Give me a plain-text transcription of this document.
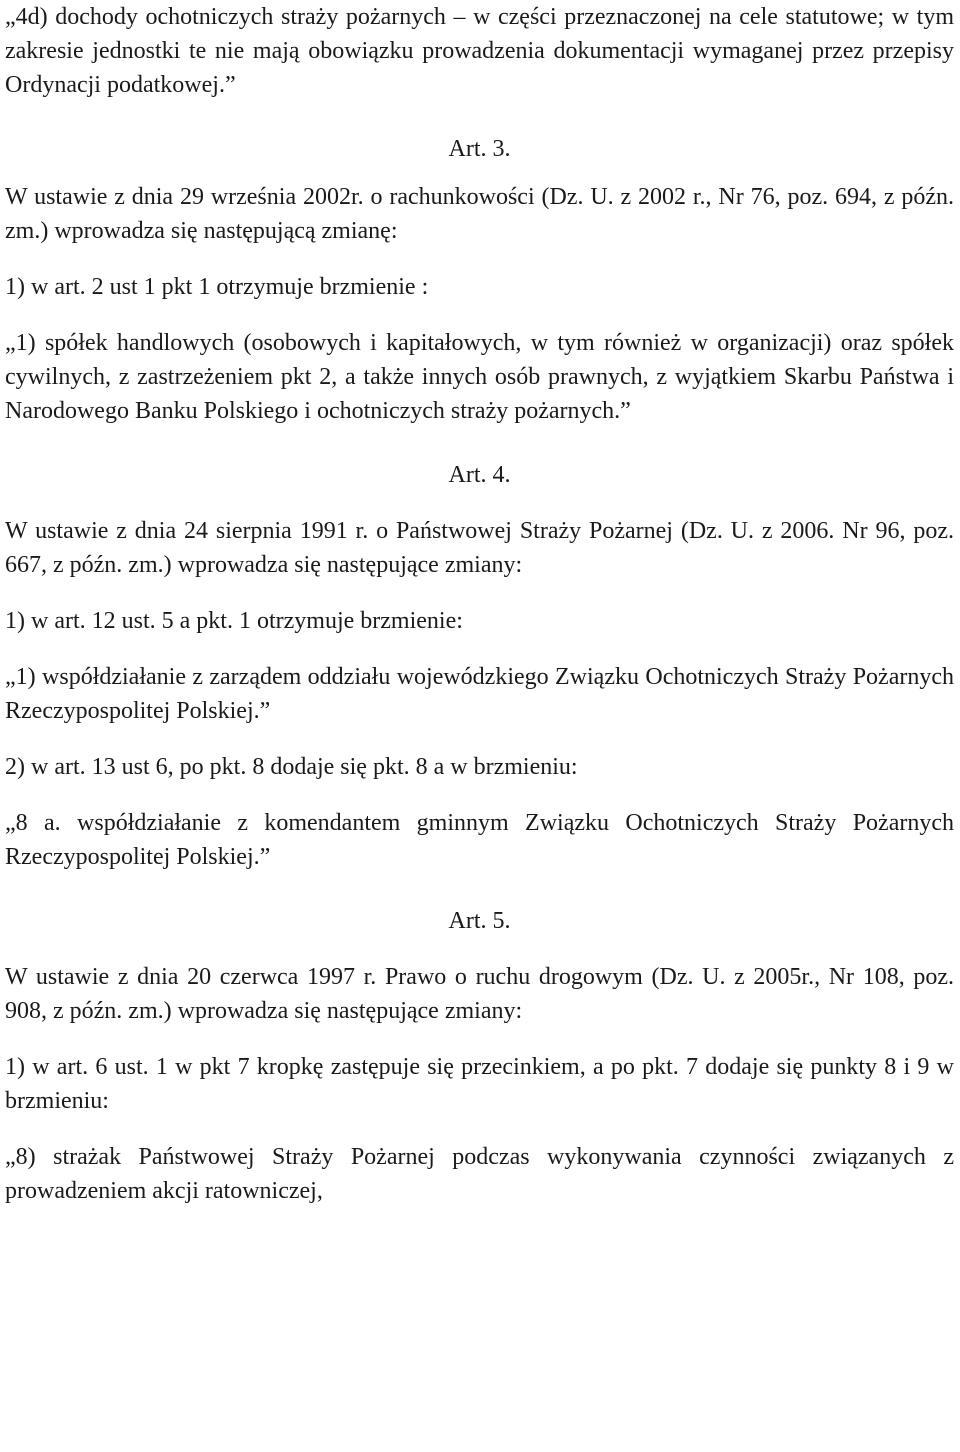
„4d) dochody ochotniczych straży pożarnych – w części przeznaczonej na cele statutowe; w tym zakresie jednostki te nie mają obowiązku prowadzenia dokumentacji wymaganej przez przepisy Ordynacji podatkowej.”

Art. 3.

W ustawie z dnia 29 września 2002r. o rachunkowości (Dz. U. z 2002 r., Nr 76, poz. 694, z późn. zm.) wprowadza się następującą zmianę:

1) w art. 2 ust 1 pkt 1 otrzymuje brzmienie :

„1) spółek handlowych (osobowych i kapitałowych, w tym również w organizacji) oraz spółek cywilnych, z zastrzeżeniem pkt 2, a także innych osób prawnych, z wyjątkiem Skarbu Państwa i Narodowego Banku Polskiego i ochotniczych straży pożarnych.”

Art. 4.

W ustawie z dnia 24 sierpnia 1991 r. o Państwowej Straży Pożarnej (Dz. U. z 2006. Nr 96, poz. 667, z późn. zm.) wprowadza się następujące zmiany:

1) w art. 12 ust. 5 a pkt. 1 otrzymuje brzmienie:

„1) współdziałanie z zarządem oddziału wojewódzkiego Związku Ochotniczych Straży Pożarnych Rzeczypospolitej Polskiej.”

2) w art. 13 ust 6, po pkt. 8 dodaje się pkt. 8 a w brzmieniu:

„8 a. współdziałanie z komendantem gminnym Związku Ochotniczych Straży Pożarnych Rzeczypospolitej Polskiej.”

Art. 5.

W ustawie z dnia 20 czerwca 1997 r. Prawo o ruchu drogowym (Dz. U. z 2005r., Nr 108, poz. 908, z późn. zm.) wprowadza się następujące zmiany:

1) w art. 6 ust. 1 w pkt 7 kropkę zastępuje się przecinkiem, a po pkt. 7 dodaje się punkty 8 i 9 w brzmieniu:

„8) strażak Państwowej Straży Pożarnej podczas wykonywania czynności związanych z prowadzeniem akcji ratowniczej,
